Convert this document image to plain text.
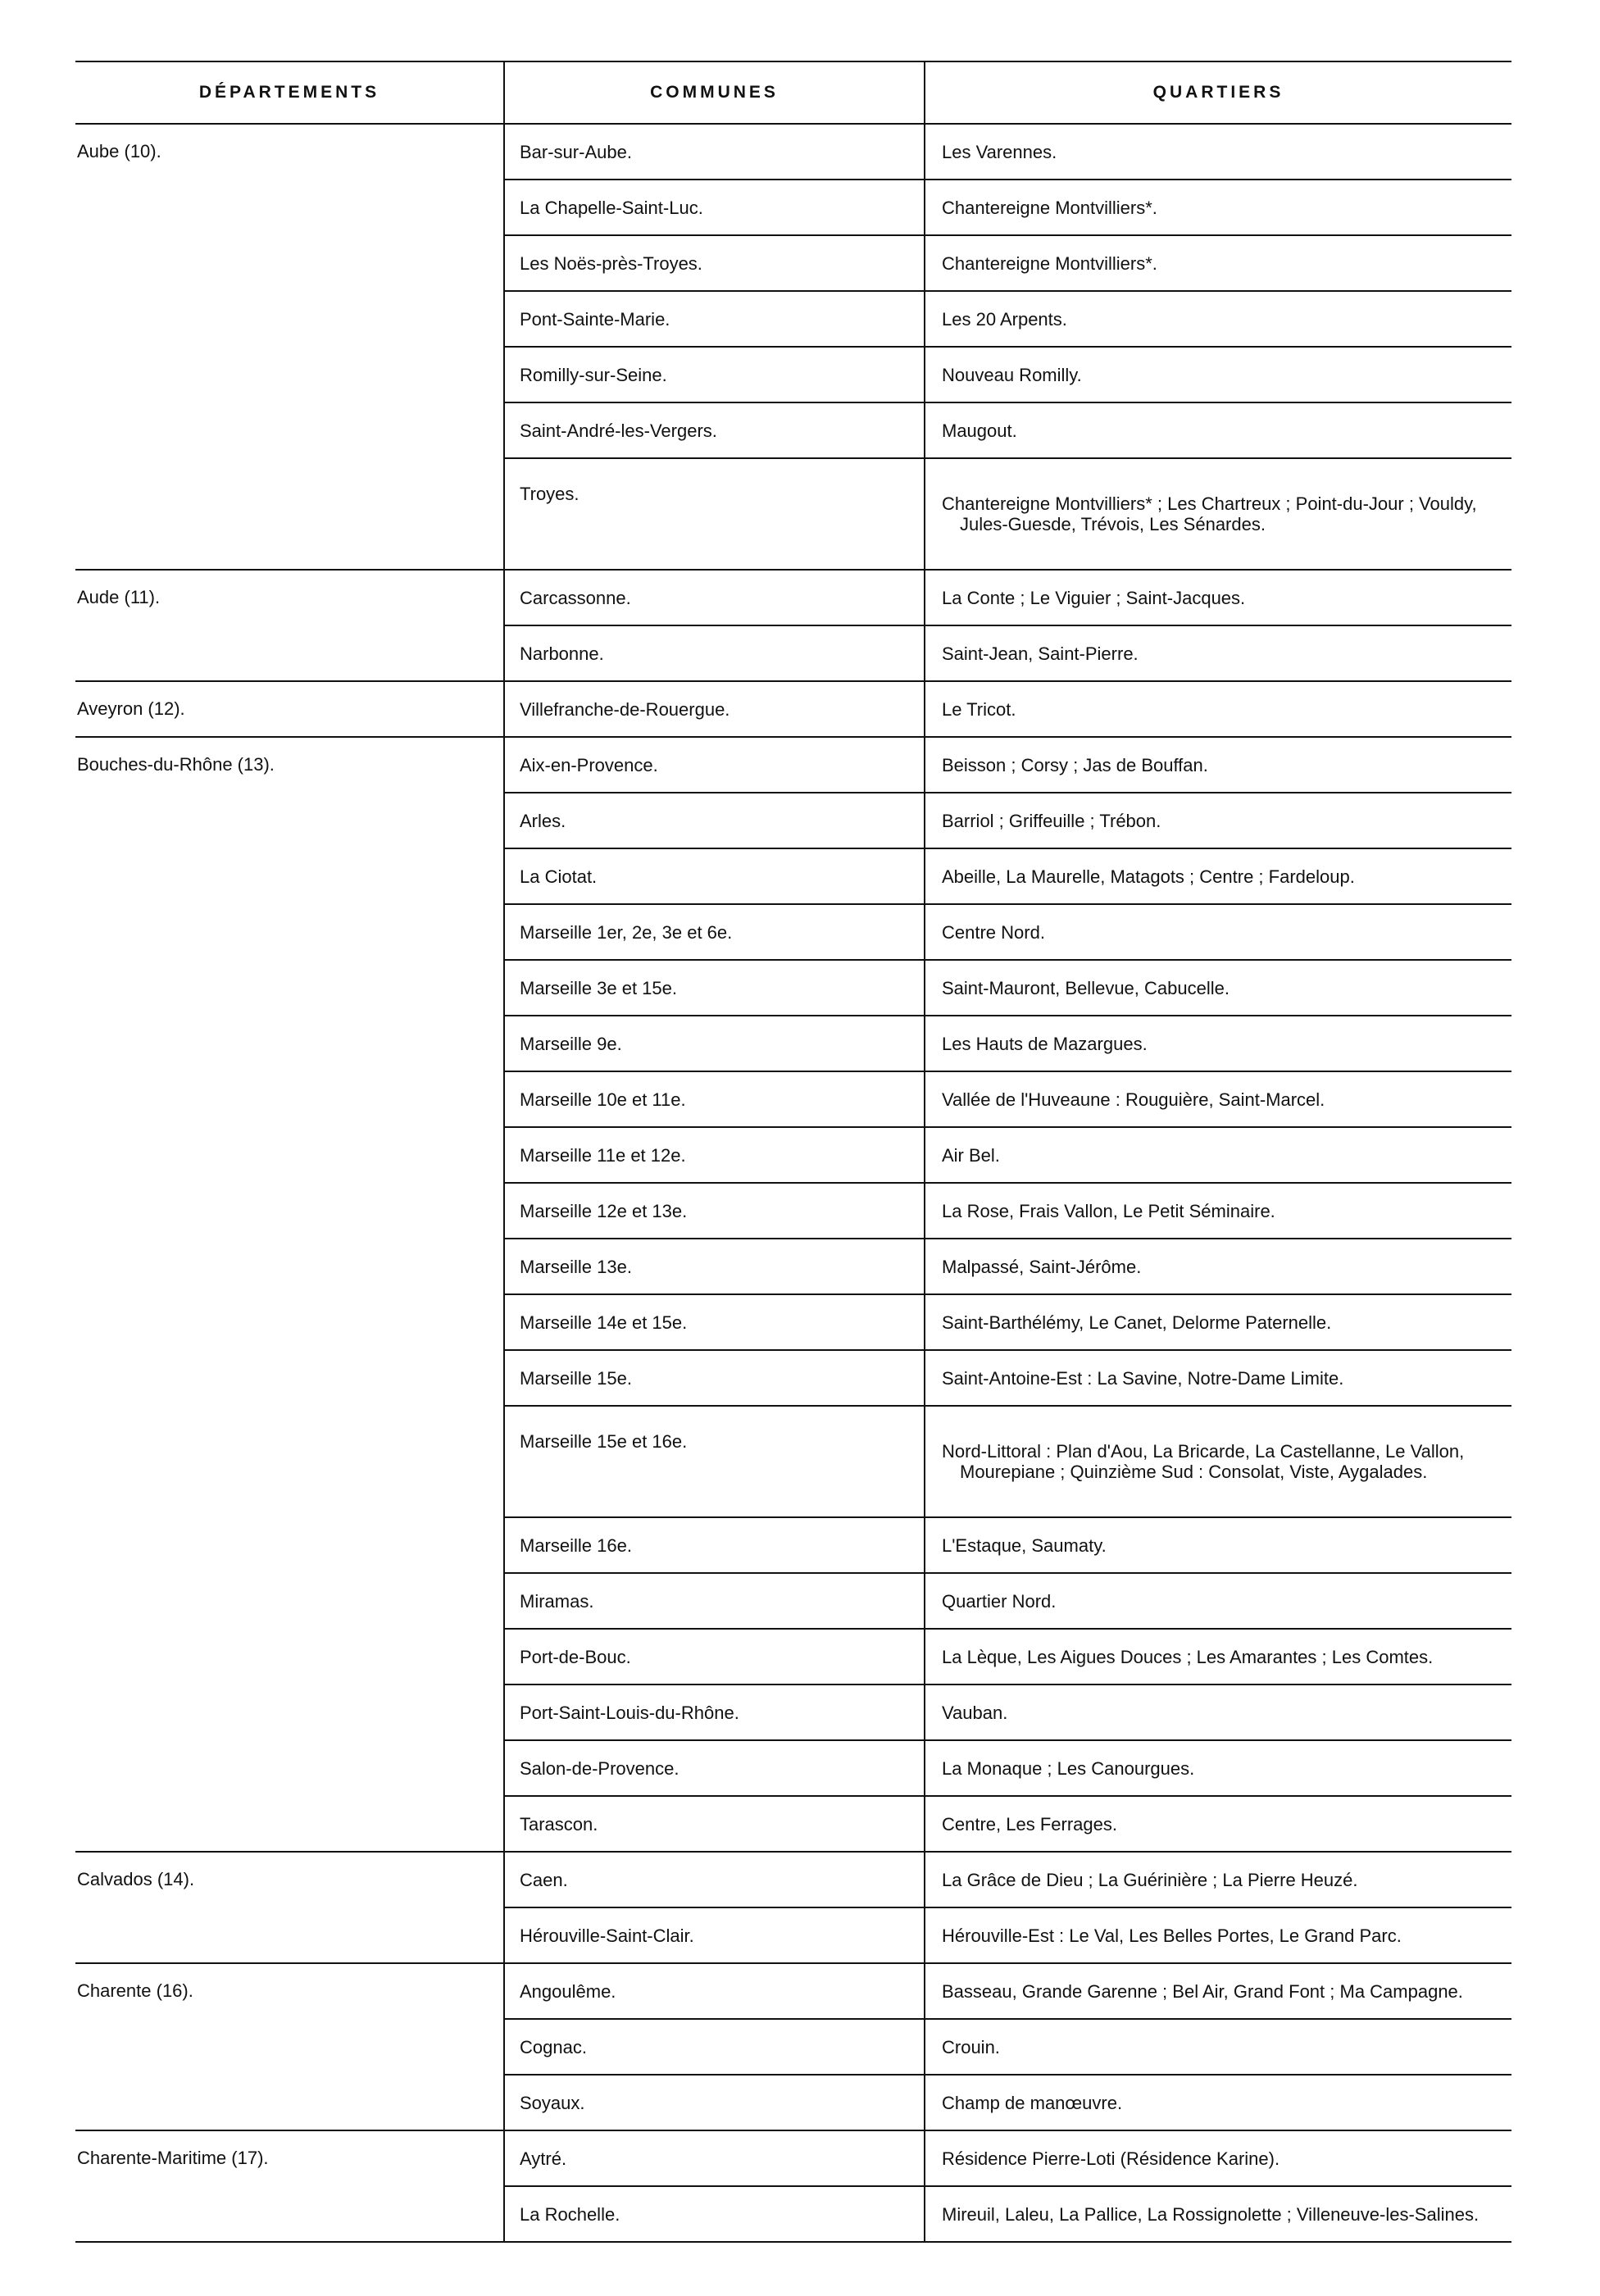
DÉPARTEMENTS	COMMUNES	QUARTIERS
Aube (10).	Bar-sur-Aube.	Les Varennes.
	La Chapelle-Saint-Luc.	Chantereigne Montvilliers*.
	Les Noës-près-Troyes.	Chantereigne Montvilliers*.
	Pont-Sainte-Marie.	Les 20 Arpents.
	Romilly-sur-Seine.	Nouveau Romilly.
	Saint-André-les-Vergers.	Maugout.
	Troyes.	Chantereigne Montvilliers* ; Les Chartreux ; Point-du-Jour ; Vouldy,
Jules-Guesde, Trévois, Les Sénardes.

Aude (11).	Carcassonne.	La Conte ; Le Viguier ; Saint-Jacques.
	Narbonne.	Saint-Jean, Saint-Pierre.
Aveyron (12).	Villefranche-de-Rouergue.	Le Tricot.
Bouches-du-Rhône (13).	Aix-en-Provence.	Beisson ; Corsy ; Jas de Bouffan.
	Arles.	Barriol ; Griffeuille ; Trébon.
	La Ciotat.	Abeille, La Maurelle, Matagots ; Centre ; Fardeloup.
	Marseille 1er, 2e, 3e et 6e.	Centre Nord.
	Marseille 3e et 15e.	Saint-Mauront, Bellevue, Cabucelle.
	Marseille 9e.	Les Hauts de Mazargues.
	Marseille 10e et 11e.	Vallée de l'Huveaune : Rouguière, Saint-Marcel.
	Marseille 11e et 12e.	Air Bel.
	Marseille 12e et 13e.	La Rose, Frais Vallon, Le Petit Séminaire.
	Marseille 13e.	Malpassé, Saint-Jérôme.
	Marseille 14e et 15e.	Saint-Barthélémy, Le Canet, Delorme Paternelle.
	Marseille 15e.	Saint-Antoine-Est : La Savine, Notre-Dame Limite.
	Marseille 15e et 16e.	Nord-Littoral : Plan d'Aou, La Bricarde, La Castellanne, Le Vallon,
Mourepiane ; Quinzième Sud : Consolat, Viste, Aygalades.

	Marseille 16e.	L'Estaque, Saumaty.
	Miramas.	Quartier Nord.
	Port-de-Bouc.	La Lèque, Les Aigues Douces ; Les Amarantes ; Les Comtes.
	Port-Saint-Louis-du-Rhône.	Vauban.
	Salon-de-Provence.	La Monaque ; Les Canourgues.
	Tarascon.	Centre, Les Ferrages.
Calvados (14).	Caen.	La Grâce de Dieu ; La Guérinière ; La Pierre Heuzé.
	Hérouville-Saint-Clair.	Hérouville-Est : Le Val, Les Belles Portes, Le Grand Parc.
Charente (16).	Angoulême.	Basseau, Grande Garenne ; Bel Air, Grand Font ; Ma Campagne.
	Cognac.	Crouin.
	Soyaux.	Champ de manœuvre.
Charente-Maritime (17).	Aytré.	Résidence Pierre-Loti (Résidence Karine).
	La Rochelle.	Mireuil, Laleu, La Pallice, La Rossignolette ; Villeneuve-les-Salines.
